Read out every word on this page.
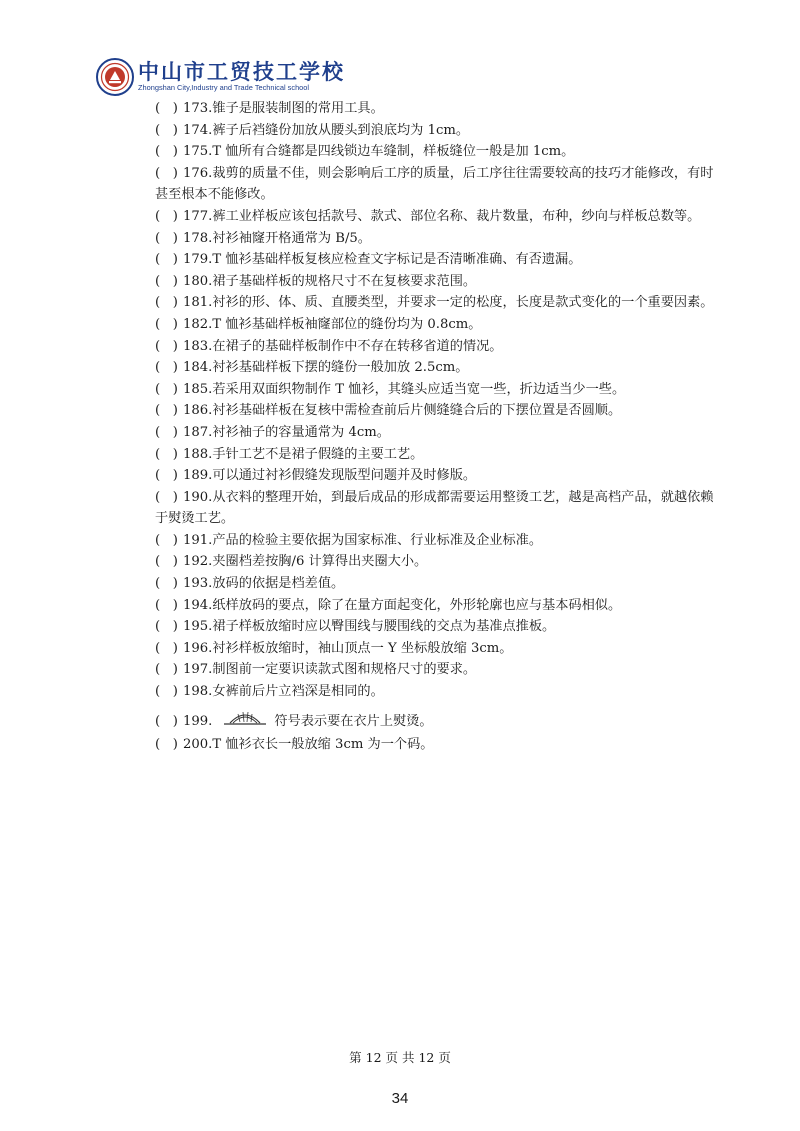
中山市工贸技工学校
Zhongshan City,Industry and Trade Technical school
(   ) 173.锥子是服装制图的常用工具。
(   ) 174.裤子后裆缝份加放从腰头到浪底均为 1cm。
(   ) 175.T 恤所有合缝都是四线锁边车缝制，样板缝位一般是加 1cm。
(   ) 176.裁剪的质量不佳，则会影响后工序的质量，后工序往往需要较高的技巧才能修改，有时甚至根本不能修改。
(   ) 177.裤工业样板应该包括款号、款式、部位名称、裁片数量，布种，纱向与样板总数等。
(   ) 178.衬衫袖窿开格通常为 B/5。
(   ) 179.T 恤衫基础样板复核应检查文字标记是否清晰准确、有否遗漏。
(   ) 180.裙子基础样板的规格尺寸不在复核要求范围。
(   ) 181.衬衫的形、体、质、直腰类型，并要求一定的松度，长度是款式变化的一个重要因素。
(   ) 182.T 恤衫基础样板袖窿部位的缝份均为 0.8cm。
(   ) 183.在裙子的基础样板制作中不存在转移省道的情况。
(   ) 184.衬衫基础样板下摆的缝份一般加放 2.5cm。
(   ) 185.若采用双面织物制作 T 恤衫，其缝头应适当宽一些，折边适当少一些。
(   ) 186.衬衫基础样板在复核中需检查前后片侧缝缝合后的下摆位置是否圆顺。
(   ) 187.衬衫袖子的容量通常为 4cm。
(   ) 188.手针工艺不是裙子假缝的主要工艺。
(   ) 189.可以通过衬衫假缝发现版型问题并及时修版。
(   ) 190.从衣料的整理开始，到最后成品的形成都需要运用整烫工艺，越是高档产品，就越依赖于熨烫工艺。
(   ) 191.产品的检验主要依据为国家标准、行业标准及企业标准。
(   ) 192.夹圈档差按胸/6 计算得出夹圈大小。
(   ) 193.放码的依据是档差值。
(   ) 194.纸样放码的要点，除了在量方面起变化，外形轮廓也应与基本码相似。
(   ) 195.裙子样板放缩时应以臀围线与腰围线的交点为基准点推板。
(   ) 196.衬衫样板放缩时，袖山顶点一 Y 坐标般放缩 3cm。
(   ) 197.制图前一定要识读款式图和规格尺寸的要求。
(   ) 198.女裤前后片立裆深是相同的。
(   ) 199.	符号表示要在衣片上熨烫。
(   ) 200.T 恤衫衣长一般放缩 3cm 为一个码。
第 12 页 共 12 页
34
